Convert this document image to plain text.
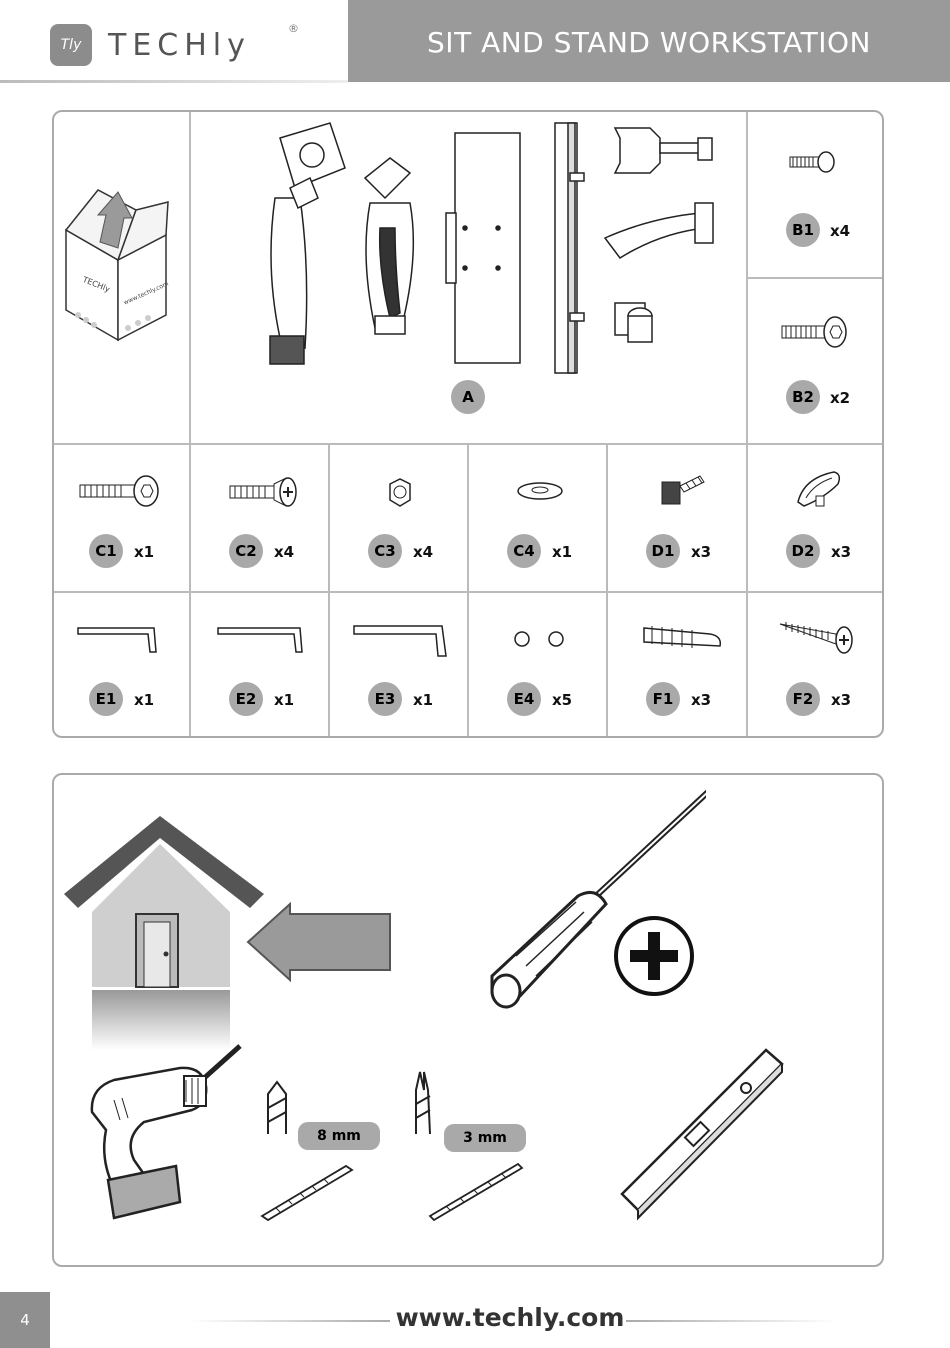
Tly TECHly	®	SIT AND STAND WORKSTATION
TECHly www.techly.com
A
B1	x4
B2	x2
C1	x1	C2	x4	C3	x4	C4	x1	D1	x3	D2	x3
E1	x1	E2	x1	E3	x1	E4	x5	F1	x3	F2	x3
8 mm	3 mm
4	www.techly.com
